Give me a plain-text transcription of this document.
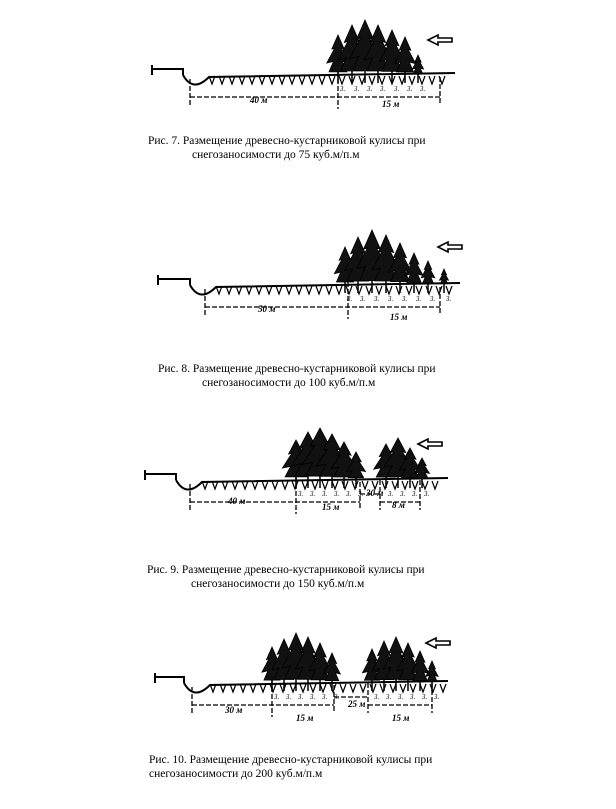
3. 3. 3. 3. 3. 3. 3.
40 м	15 м
Рис. 7. Размещение древесно-кустарниковой кулисы при
снегозаносимости до 75 куб.м/п.м
3. 3. 3. 3. 3. 3. 3. 3.
50 м
15 м
Рис. 8. Размещение древесно-кустарниковой кулисы при
снегозаносимости до 100 куб.м/п.м
3. 3. 3. 3. 3. 3.	3. 3. 3. 3.
40 м
15 м
30 м
8 м
Рис. 9. Размещение древесно-кустарниковой кулисы при
снегозаносимости до 150 куб.м/п.м
3. 3. 3. 3. 3. 3.	3. 3. 3. 3. 3. 3.
30 м
15 м
25 м
15 м
Рис. 10. Размещение древесно-кустарниковой кулисы при
снегозаносимости до 200 куб.м/п.м
